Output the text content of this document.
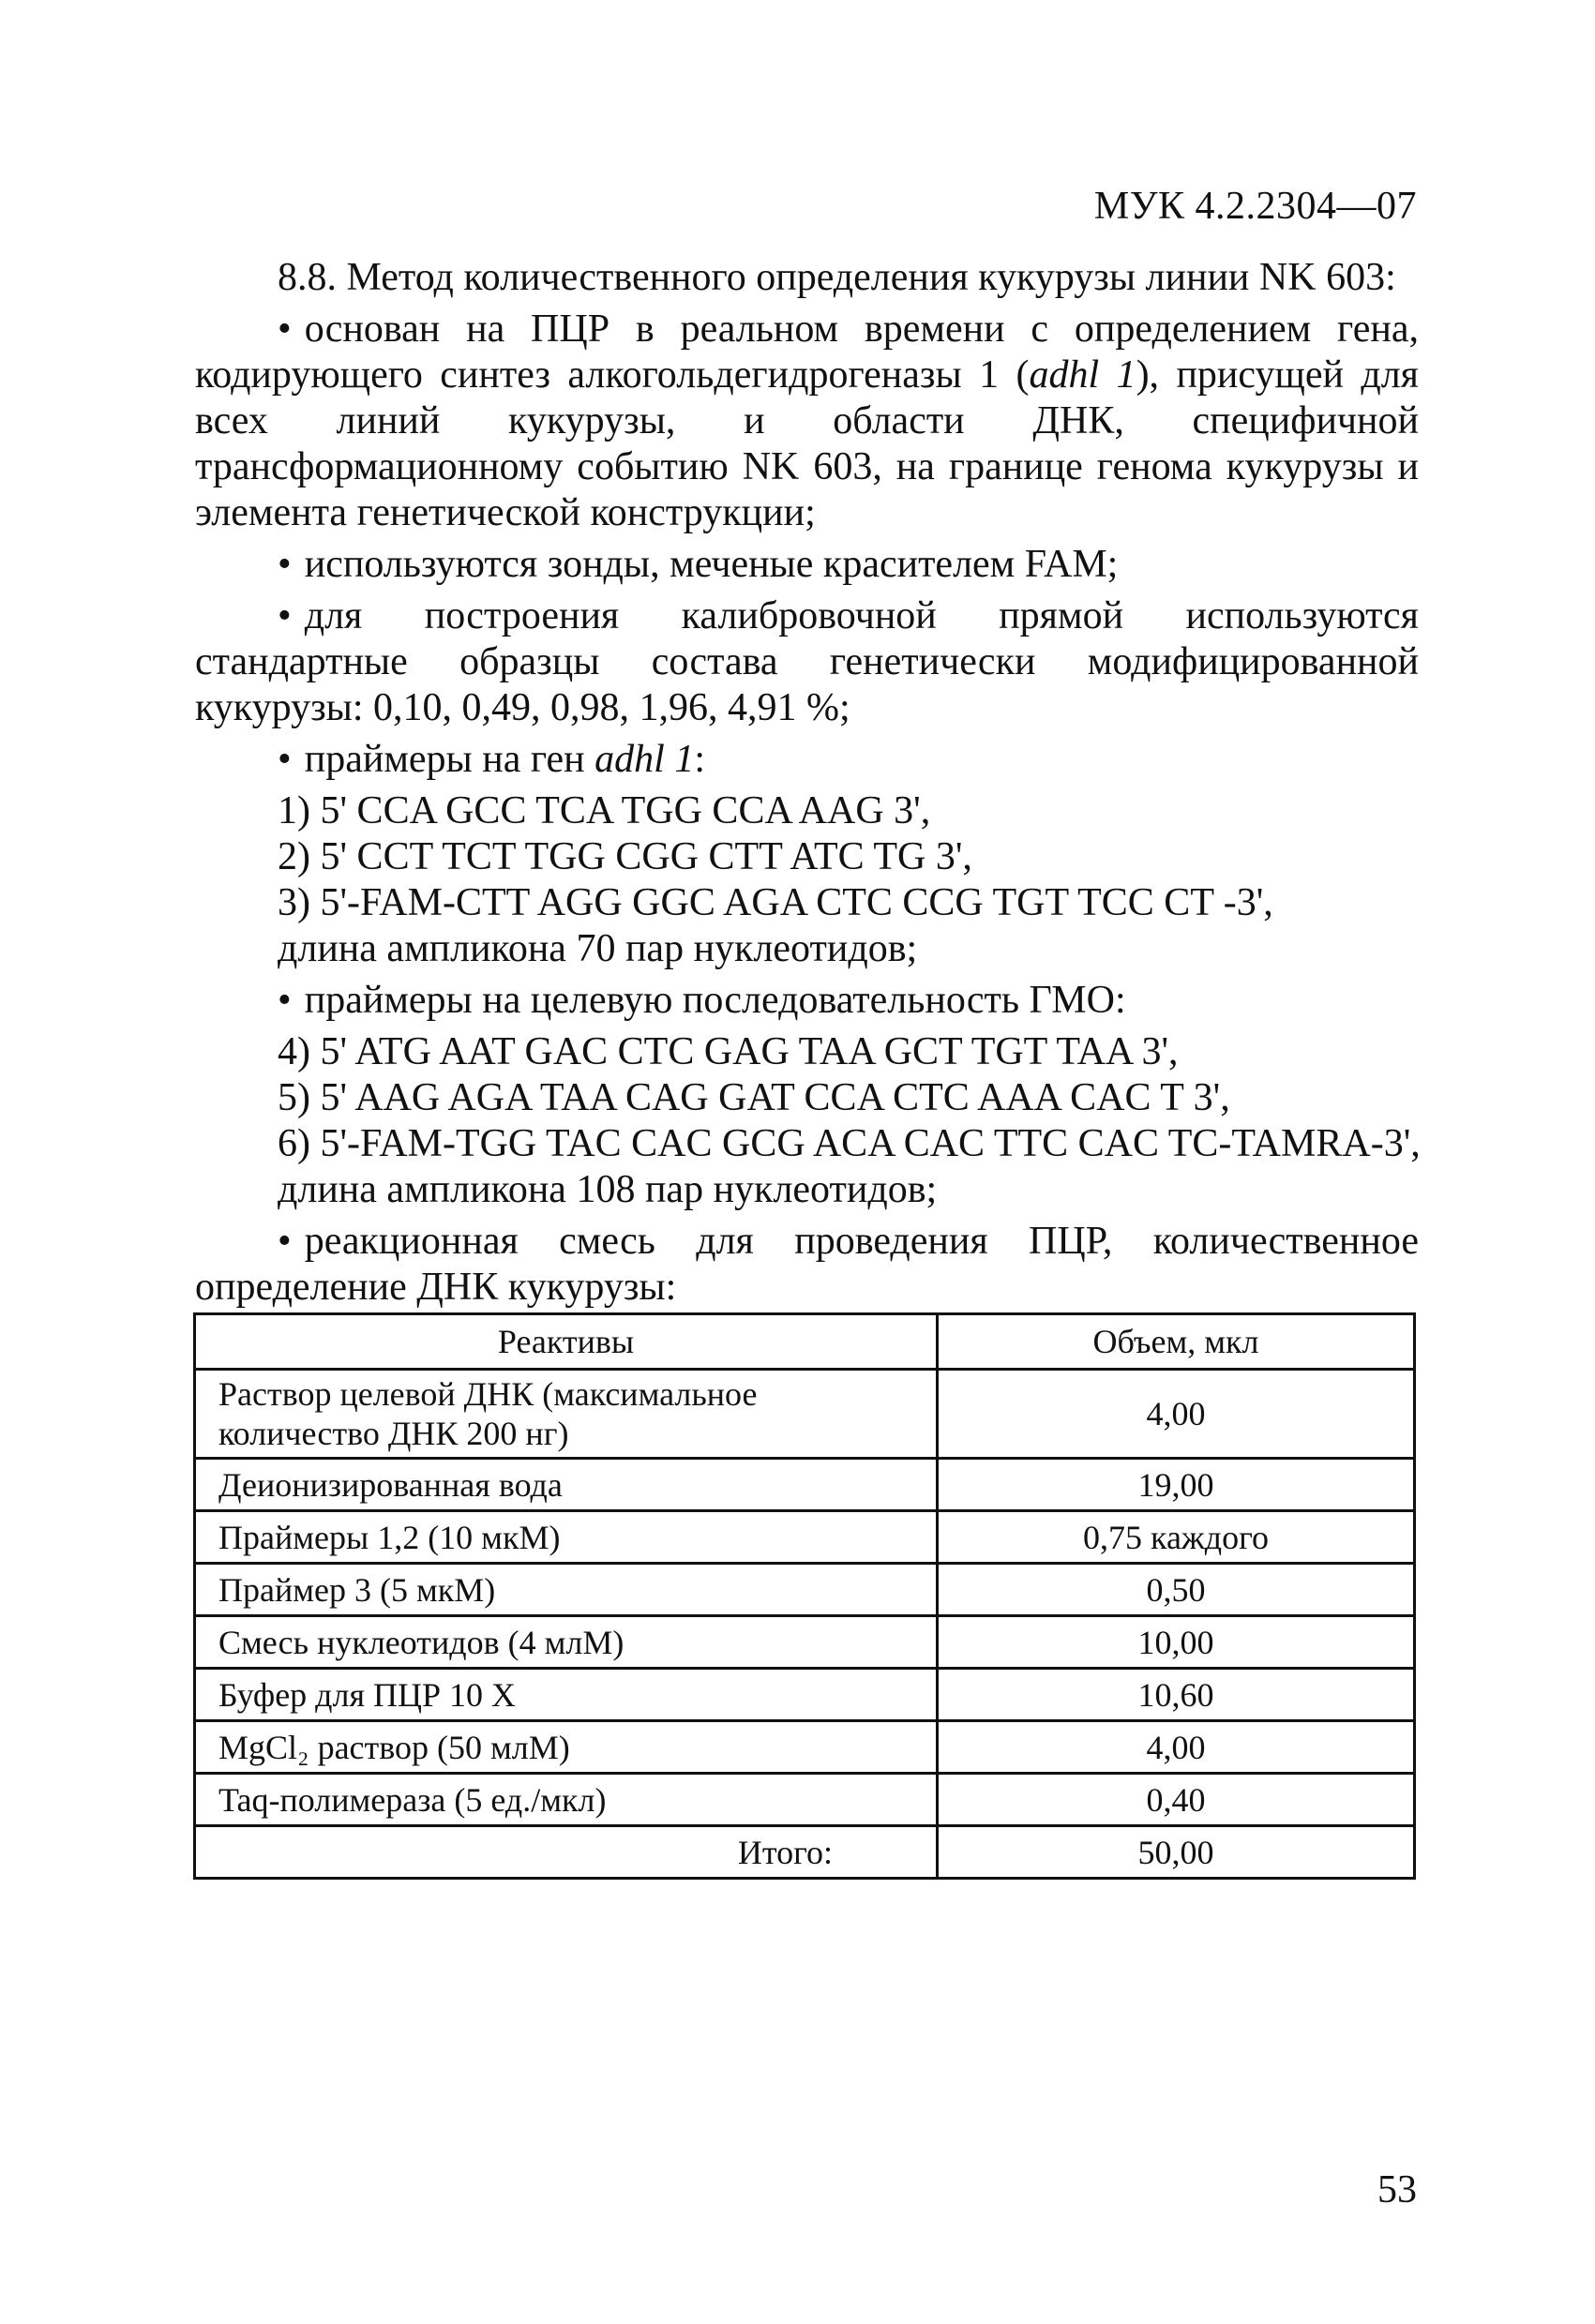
МУК 4.2.2304—07

8.8. Метод количественного определения кукурузы линии NK 603:

• основан на ПЦР в реальном времени с определением гена, кодирующего синтез алкогольдегидрогеназы 1 (adhl 1), присущей для всех линий кукурузы, и области ДНК, специфичной трансформационному событию NK 603, на границе генома кукурузы и элемента генетической конструкции;

• используются зонды, меченые красителем FAM;

• для построения калибровочной прямой используются стандартные образцы состава генетически модифицированной кукурузы: 0,10, 0,49, 0,98, 1,96, 4,91 %;

• праймеры на ген adhl 1:

1) 5' CCA GCC TCA TGG CCA AAG 3',
2) 5' CCT TCT TGG CGG CTT ATC TG 3',
3) 5'-FAM-CTT AGG GGC AGA CTC CCG TGT TCC CT -3',
длина ампликона 70 пар нуклеотидов;

• праймеры на целевую последовательность ГМО:

4) 5' ATG AAT GAC CTC GAG TAA GCT TGT TAA 3',
5) 5' AAG AGA TAA CAG GAT CCA CTC AAA CAC T 3',
6) 5'-FAM-TGG TAC CAC GCG ACA CAC TTC CAC TC-TAMRA-3',
длина ампликона 108 пар нуклеотидов;

• реакционная смесь для проведения ПЦР, количественное определение ДНК кукурузы:

Реактивы	Объем, мкл
Раствор целевой ДНК (максимальное количество ДНК 200 нг)	4,00
Деионизированная вода	19,00
Праймеры 1,2 (10 мкМ)	0,75 каждого
Праймер 3 (5 мкМ)	0,50
Смесь нуклеотидов (4 млМ)	10,00
Буфер для ПЦР 10 X	10,60
MgCl₂ раствор (50 млМ)	4,00
Taq-полимераза (5 ед./мкл)	0,40
Итого:	50,00
53
